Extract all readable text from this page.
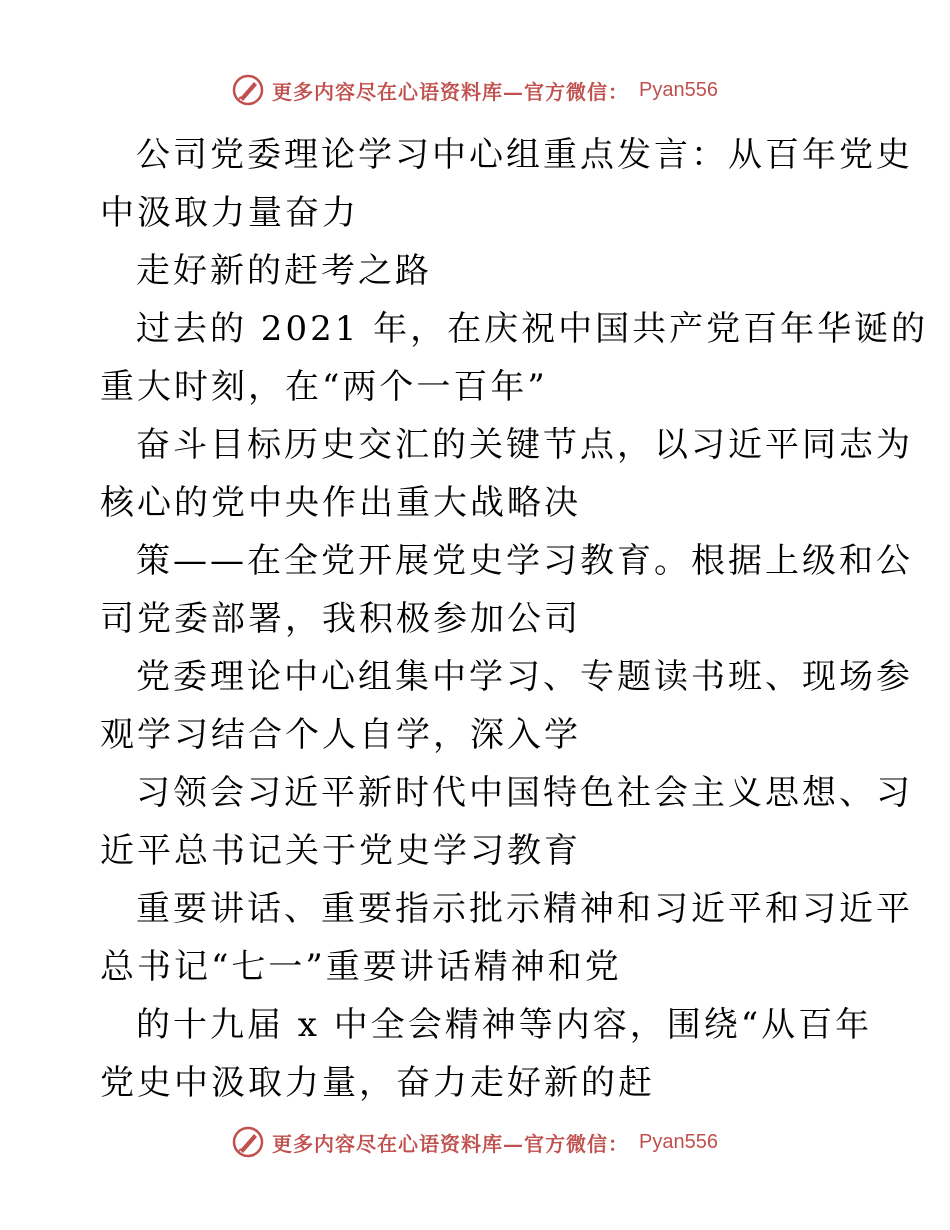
更多内容尽在心语资料库—官方微信： Pyan556
公司党委理论学习中心组重点发言：从百年党史
中汲取力量奋力
走好新的赶考之路
过去的 2021 年，在庆祝中国共产党百年华诞的
重大时刻，在“两个一百年”
奋斗目标历史交汇的关键节点，以习近平同志为
核心的党中央作出重大战略决
策——在全党开展党史学习教育。根据上级和公
司党委部署，我积极参加公司
党委理论中心组集中学习、专题读书班、现场参
观学习结合个人自学，深入学
习领会习近平新时代中国特色社会主义思想、习
近平总书记关于党史学习教育
重要讲话、重要指示批示精神和习近平和习近平
总书记“七一”重要讲话精神和党
的十九届 x 中全会精神等内容，围绕“从百年
党史中汲取力量，奋力走好新的赶
更多内容尽在心语资料库—官方微信： Pyan556
